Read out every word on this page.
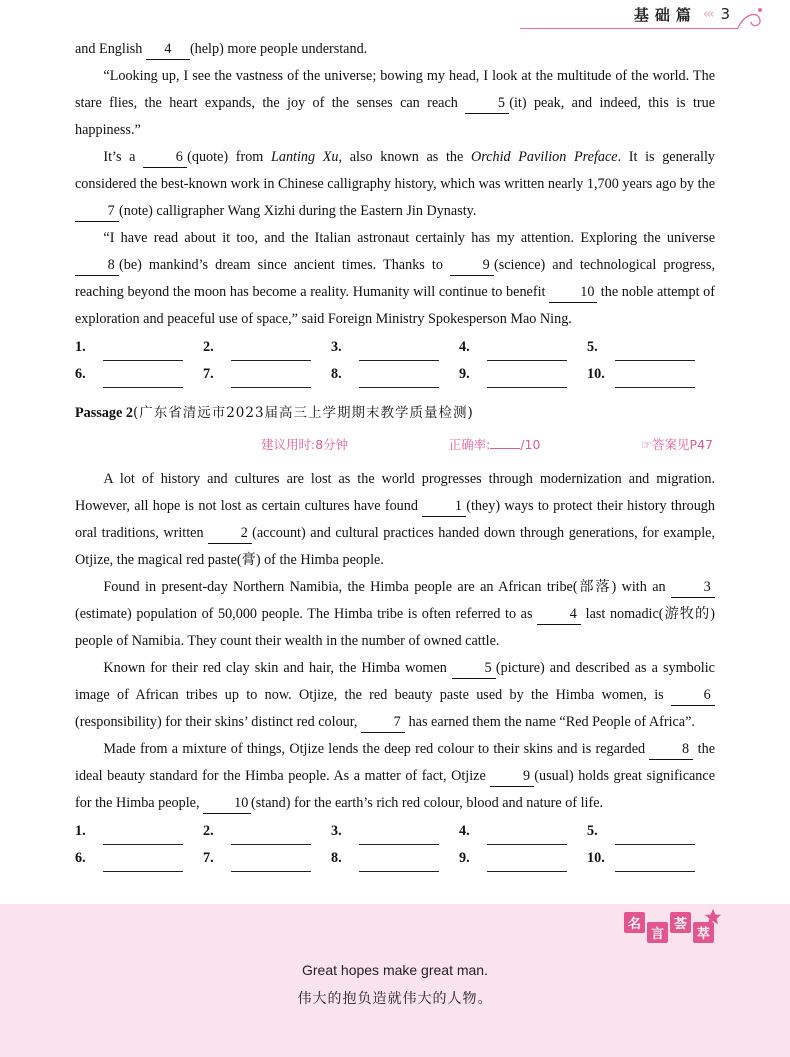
基础篇 ‹‹‹ 3

and English 4 (help) more people understand.

“Looking up, I see the vastness of the universe; bowing my head, I look at the multitude of the world. The stare flies, the heart expands, the joy of the senses can reach 5 (it) peak, and indeed, this is true happiness.”

It’s a 6 (quote) from Lanting Xu, also known as the Orchid Pavilion Preface. It is generally considered the best-known work in Chinese calligraphy history, which was written nearly 1,700 years ago by the 7 (note) calligrapher Wang Xizhi during the Eastern Jin Dynasty.

“I have read about it too, and the Italian astronaut certainly has my attention. Exploring the universe 8 (be) mankind’s dream since ancient times. Thanks to 9 (science) and technological progress, reaching beyond the moon has become a reality. Humanity will continue to benefit 10 the noble attempt of exploration and peaceful use of space,” said Foreign Ministry Spokesperson Mao Ning.

1.	2.	3.	4.	5.
6.	7.	8.	9.	10.
Passage 2(广东省清远市2023届高三上学期期末教学质量检测)
建议用时:8分钟	正确率: /10	☞答案见P47

A lot of history and cultures are lost as the world progresses through modernization and migration. However, all hope is not lost as certain cultures have found 1 (they) ways to protect their history through oral traditions, written 2 (account) and cultural practices handed down through generations, for example, Otjize, the magical red paste(膏) of the Himba people.

Found in present-day Northern Namibia, the Himba people are an African tribe(部落) with an 3(estimate) population of 50,000 people. The Himba tribe is often referred to as 4 last nomadic(游牧的) people of Namibia. They count their wealth in the number of owned cattle.

Known for their red clay skin and hair, the Himba women 5 (picture) and described as a symbolic image of African tribes up to now. Otjize, the red beauty paste used by the Himba women, is 6(responsibility) for their skins’ distinct red colour, 7 has earned them the name “Red People of Africa”.

Made from a mixture of things, Otjize lends the deep red colour to their skins and is regarded 8 the ideal beauty standard for the Himba people. As a matter of fact, Otjize 9 (usual) holds great significance for the Himba people, 10 (stand) for the earth’s rich red colour, blood and nature of life.

1.	2.	3.	4.	5.
6.	7.	8.	9.	10.
名
言
荟
萃
Great hopes make great man.
伟大的抱负造就伟大的人物。
